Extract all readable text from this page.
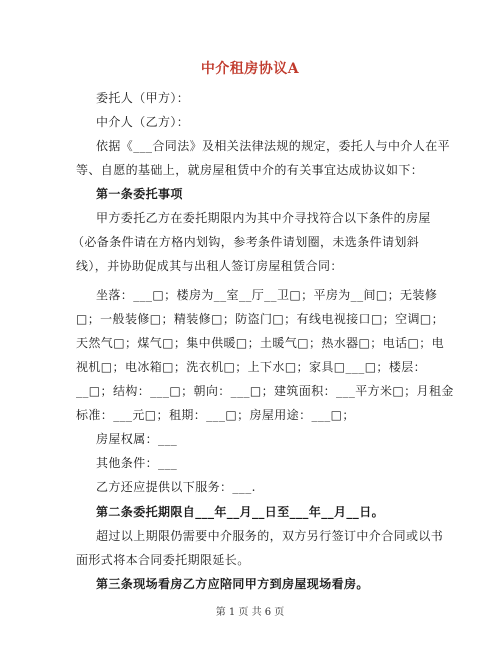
中介租房协议A
委托人（甲方）：
中介人（乙方）：
依据《___合同法》及相关法律法规的规定，委托人与中介人在平
等、自愿的基础上，就房屋租赁中介的有关事宜达成协议如下：
第一条委托事项
甲方委托乙方在委托期限内为其中介寻找符合以下条件的房屋
（必备条件请在方格内划钩，参考条件请划圈，未选条件请划斜
线），并协助促成其与出租人签订房屋租赁合同：
坐落：___□；楼房为__室__厅__卫□；平房为__间□；无装修
□；一般装修□；精装修□；防盗门□；有线电视接口□；空调□；
天然气□；煤气□；集中供暖□；土暖气□；热水器□；电话□；电
视机□；电冰箱□；洗衣机□；上下水□；家具□___□；楼层：
__□；结构：___□；朝向：___□；建筑面积：___平方米□；月租金
标准：___元□；租期：___□；房屋用途：___□；
房屋权属：___
其他条件：___
乙方还应提供以下服务：___.
第二条委托期限自___年__月__日至___年__月__日。
超过以上期限仍需要中介服务的，双方另行签订中介合同或以书
面形式将本合同委托期限延长。
第三条现场看房乙方应陪同甲方到房屋现场看房。
第 1 页 共 6 页
